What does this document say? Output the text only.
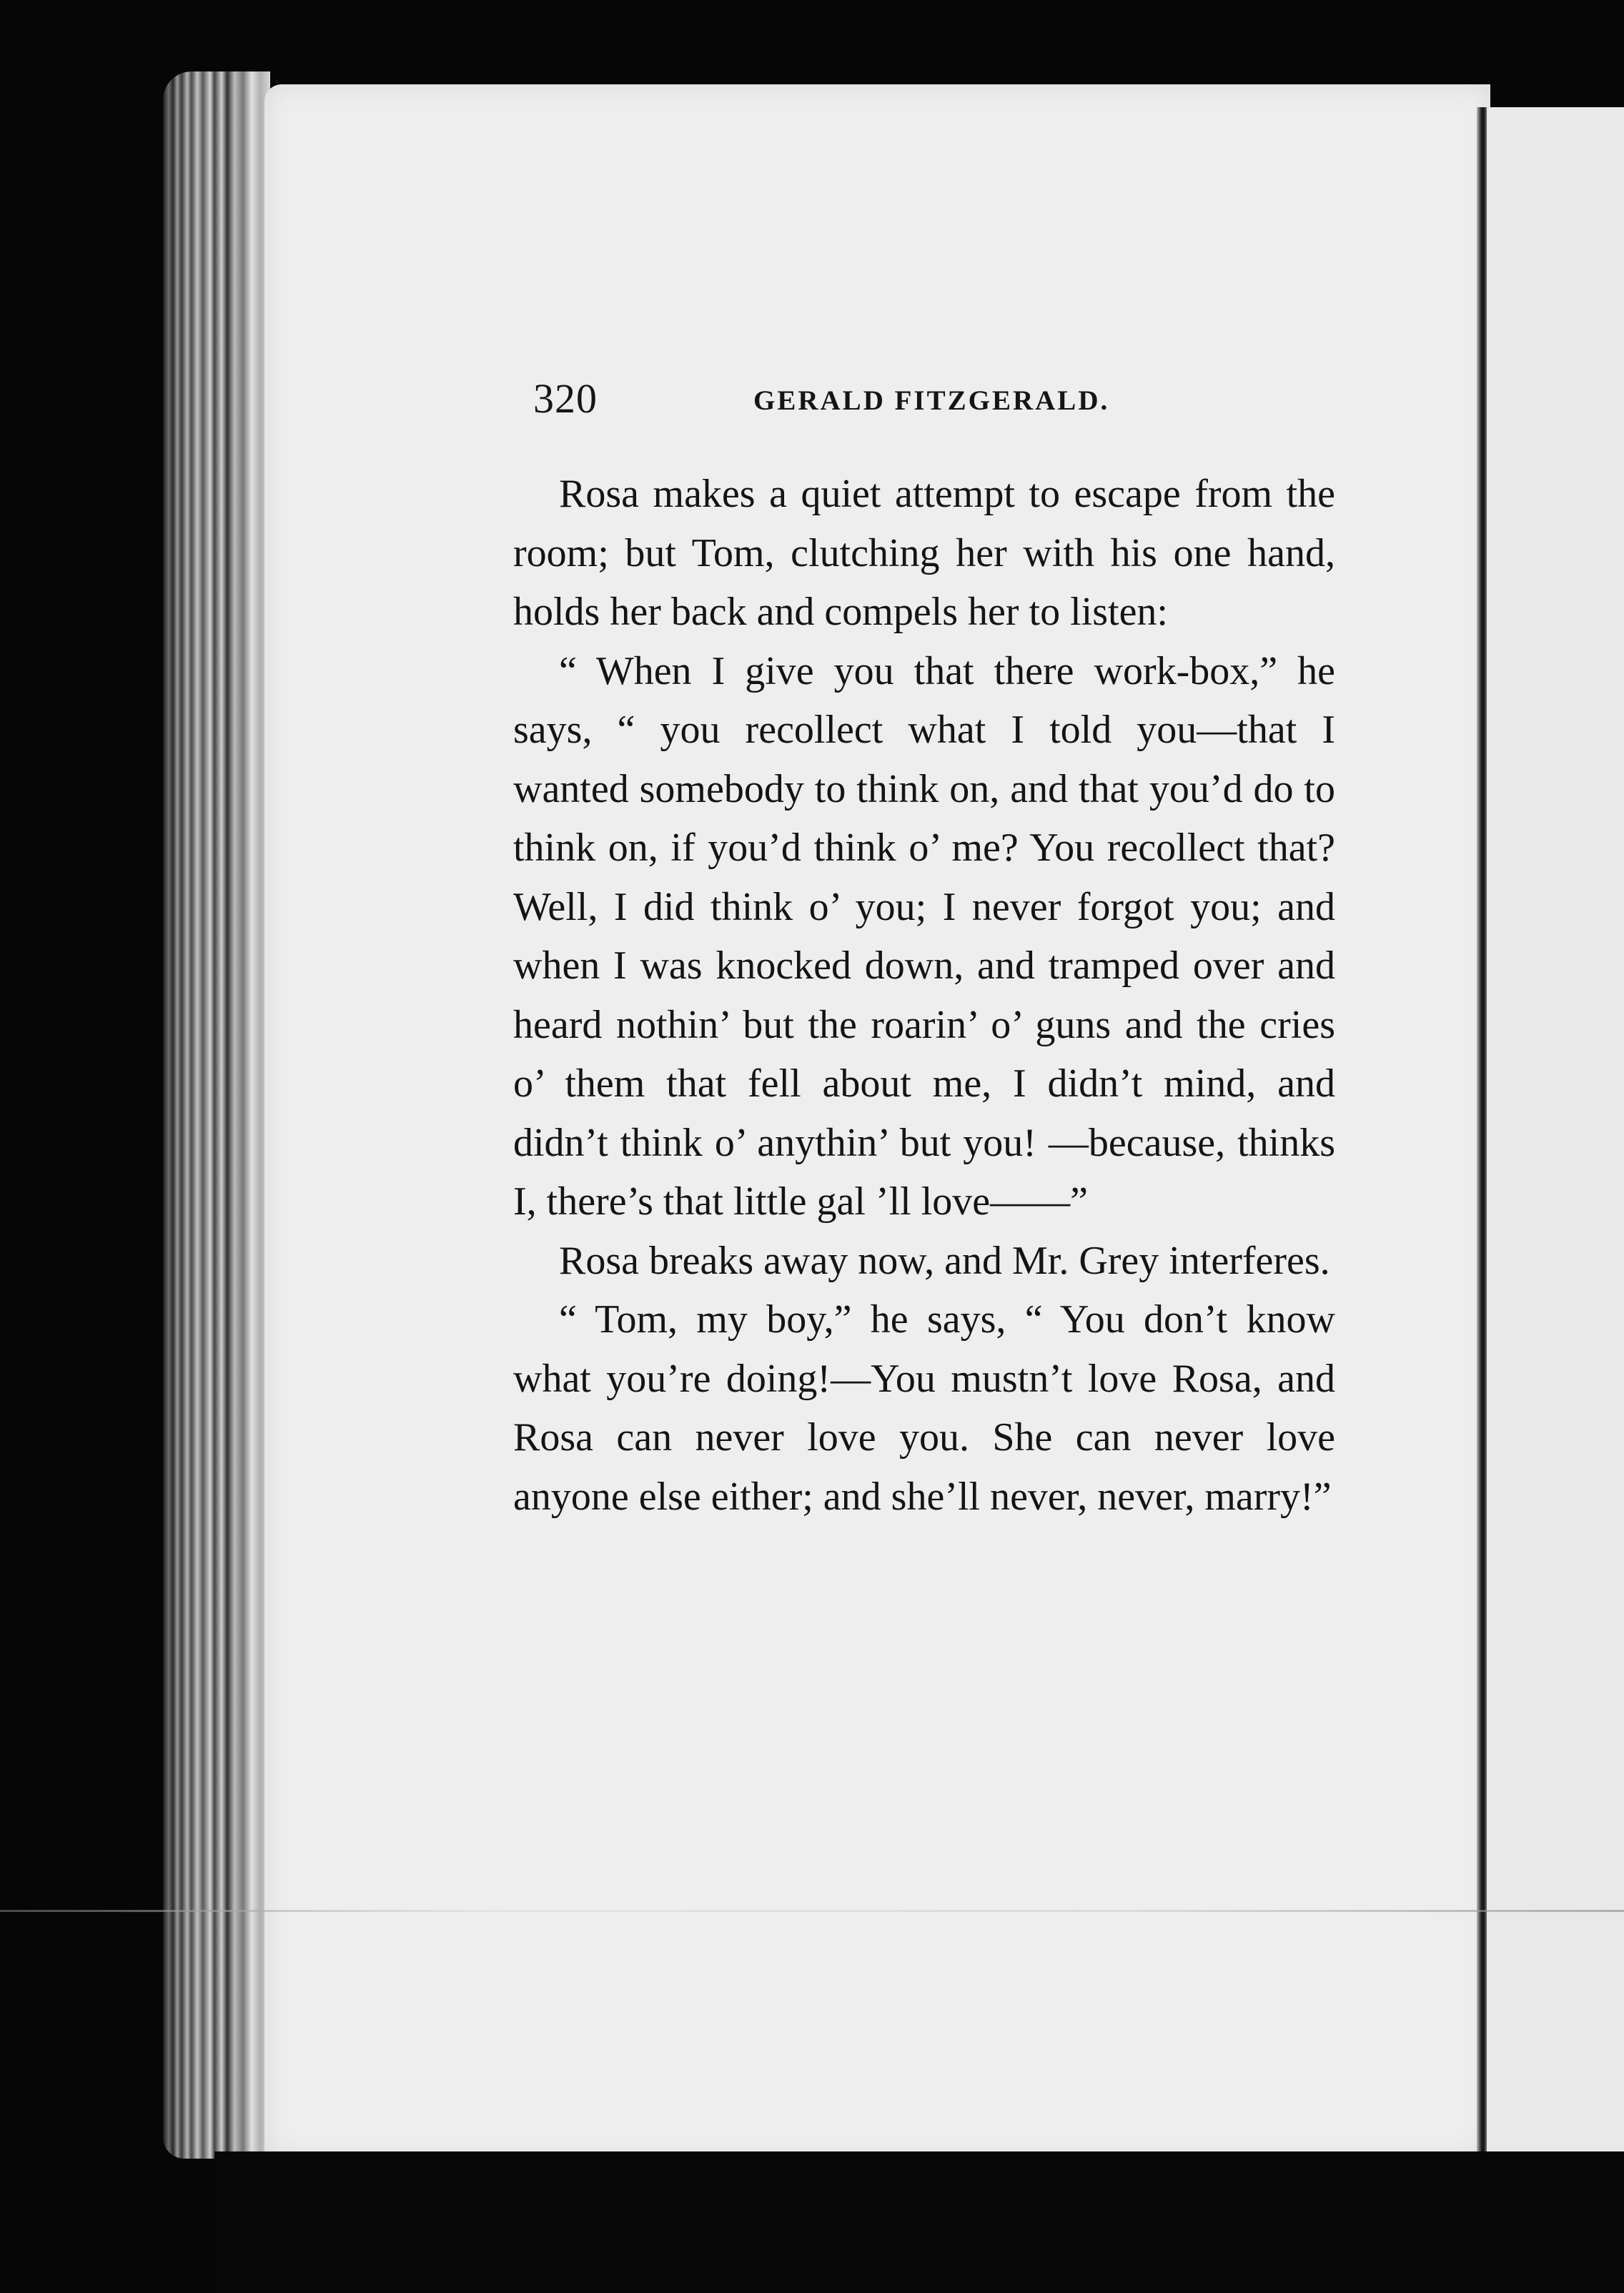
320	GERALD FITZGERALD.

Rosa makes a quiet attempt to escape from the room; but Tom, clutching her with his one hand, holds her back and compels her to listen:

“ When I give you that there work-box,” he says, “ you recollect what I told you—that I wanted somebody to think on, and that you’d do to think on, if you’d think o’ me? You recollect that? Well, I did think o’ you; I never forgot you; and when I was knocked down, and tramped over and heard nothin’ but the roarin’ o’ guns and the cries o’ them that fell about me, I didn’t mind, and didn’t think o’ anythin’ but you! —because, thinks I, there’s that little gal ’ll love——”

Rosa breaks away now, and Mr. Grey interferes.

“ Tom, my boy,” he says, “ You don’t know what you’re doing!—You mustn’t love Rosa, and Rosa can never love you. She can never love anyone else either; and she’ll never, never, marry!”
